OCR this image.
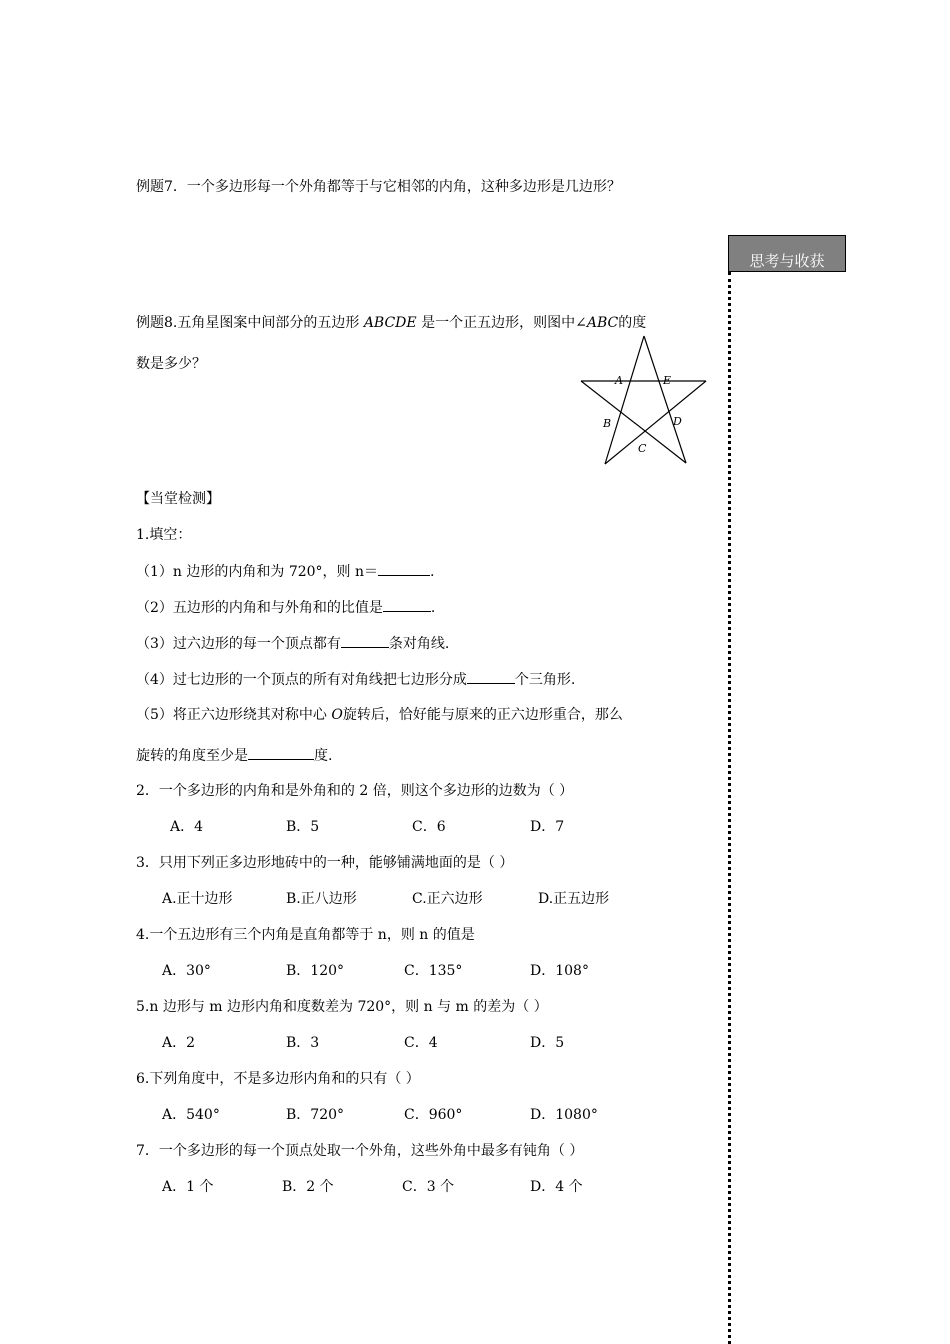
例题7．一个多边形每一个外角都等于与它相邻的内角，这种多边形是几边形？
思考与收获
例题8.五角星图案中间部分的五边形 ABCDE 是一个正五边形，则图中∠ABC的度
数是多少？
A	E
B	D
C
【当堂检测】
1.填空：
（1）n 边形的内角和为 720°，则 n＝	.
（2）五边形的内角和与外角和的比值是	.
（3）过六边形的每一个顶点都有	条对角线.
（4）过七边形的一个顶点的所有对角线把七边形分成	个三角形.
（5）将正六边形绕其对称中心 O旋转后，恰好能与原来的正六边形重合，那么
旋转的角度至少是	度.
2．一个多边形的内角和是外角和的 2 倍，则这个多边形的边数为（ ）
A．4	B．5	C．6	D．7
3．只用下列正多边形地砖中的一种，能够铺满地面的是（ ）
A.正十边形	B.正八边形	C.正六边形	D.正五边形
4.一个五边形有三个内角是直角都等于 n，则 n 的值是
A．30°	B．120°	C．135°	D．108°
5.n 边形与 m 边形内角和度数差为 720°，则 n 与 m 的差为（ ）
A．2	B．3	C．4	D．5
6.下列角度中，不是多边形内角和的只有（ ）
A．540°	B．720°	C．960°	D．1080°
7．一个多边形的每一个顶点处取一个外角，这些外角中最多有钝角（ ）
A．1 个	B．2 个	C．3 个	D．4 个
